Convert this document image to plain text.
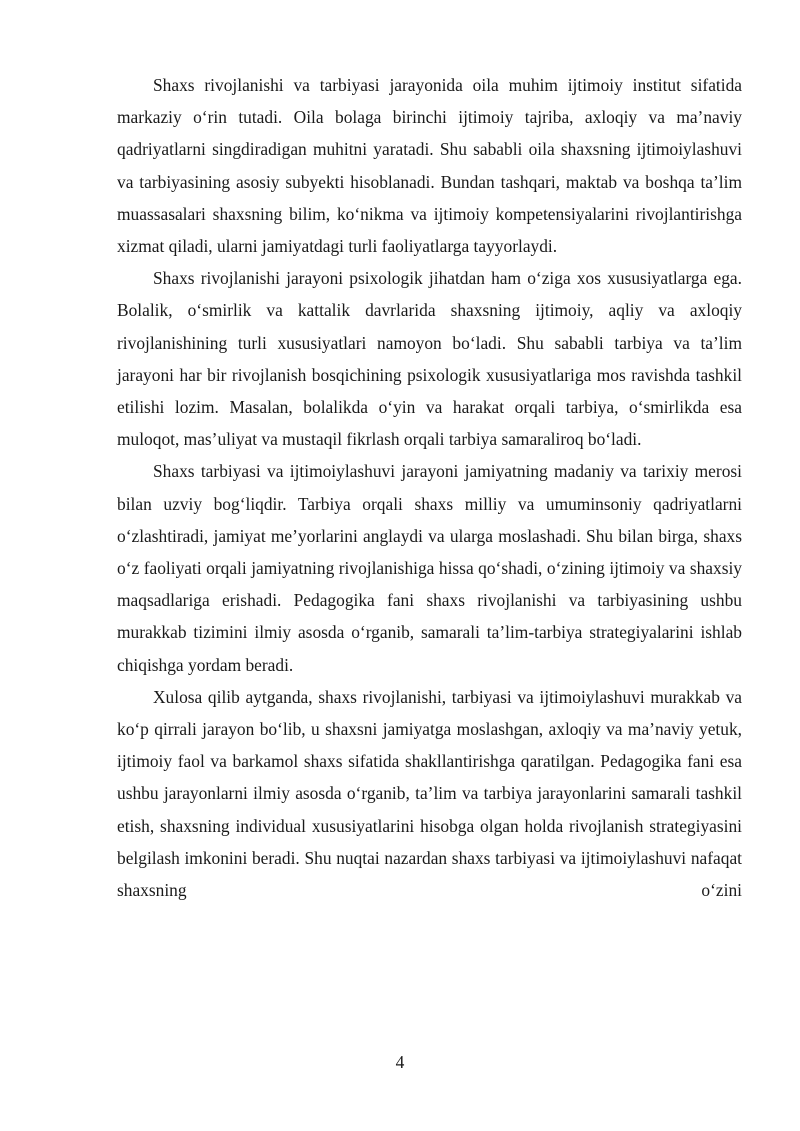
Shaxs rivojlanishi va tarbiyasi jarayonida oila muhim ijtimoiy institut sifatida markaziy o‘rin tutadi. Oila bolaga birinchi ijtimoiy tajriba, axloqiy va ma’naviy qadriyatlarni singdiradigan muhitni yaratadi. Shu sababli oila shaxsning ijtimoiylashuvi va tarbiyasining asosiy subyekti hisoblanadi. Bundan tashqari, maktab va boshqa ta’lim muassasalari shaxsning bilim, ko‘nikma va ijtimoiy kompetensiyalarini rivojlantirishga xizmat qiladi, ularni jamiyatdagi turli faoliyatlarga tayyorlaydi.

Shaxs rivojlanishi jarayoni psixologik jihatdan ham o‘ziga xos xususiyatlarga ega. Bolalik, o‘smirlik va kattalik davrlarida shaxsning ijtimoiy, aqliy va axloqiy rivojlanishining turli xususiyatlari namoyon bo‘ladi. Shu sababli tarbiya va ta’lim jarayoni har bir rivojlanish bosqichining psixologik xususiyatlariga mos ravishda tashkil etilishi lozim. Masalan, bolalikda o‘yin va harakat orqali tarbiya, o‘smirlikda esa muloqot, mas’uliyat va mustaqil fikrlash orqali tarbiya samaraliroq bo‘ladi.

Shaxs tarbiyasi va ijtimoiylashuvi jarayoni jamiyatning madaniy va tarixiy merosi bilan uzviy bog‘liqdir. Tarbiya orqali shaxs milliy va umuminsoniy qadriyatlarni o‘zlashtiradi, jamiyat me’yorlarini anglaydi va ularga moslashadi. Shu bilan birga, shaxs o‘z faoliyati orqali jamiyatning rivojlanishiga hissa qo‘shadi, o‘zining ijtimoiy va shaxsiy maqsadlariga erishadi. Pedagogika fani shaxs rivojlanishi va tarbiyasining ushbu murakkab tizimini ilmiy asosda o‘rganib, samarali ta’lim-tarbiya strategiyalarini ishlab chiqishga yordam beradi.

Xulosa qilib aytganda, shaxs rivojlanishi, tarbiyasi va ijtimoiylashuvi murakkab va ko‘p qirrali jarayon bo‘lib, u shaxsni jamiyatga moslashgan, axloqiy va ma’naviy yetuk, ijtimoiy faol va barkamol shaxs sifatida shakllantirishga qaratilgan. Pedagogika fani esa ushbu jarayonlarni ilmiy asosda o‘rganib, ta’lim va tarbiya jarayonlarini samarali tashkil etish, shaxsning individual xususiyatlarini hisobga olgan holda rivojlanish strategiyasini belgilash imkonini beradi. Shu nuqtai nazardan shaxs tarbiyasi va ijtimoiylashuvi nafaqat shaxsning o‘zini

4
